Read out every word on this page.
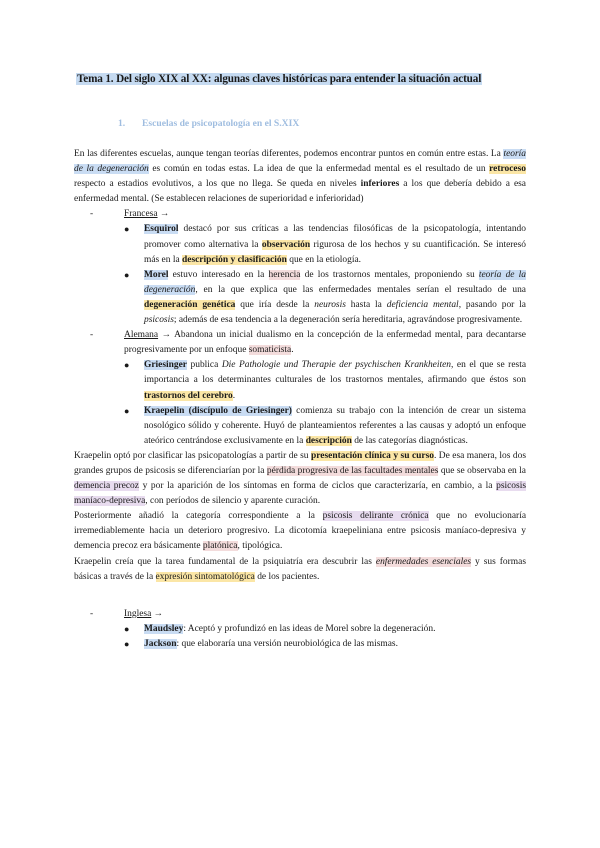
Tema 1. Del siglo XIX al XX: algunas claves históricas para entender la situación actual
1. Escuelas de psicopatología en el S.XIX

En las diferentes escuelas, aunque tengan teorías diferentes, podemos encontrar puntos en común entre estas. La teoría de la degeneración es común en todas estas. La idea de que la enfermedad mental es el resultado de un retroceso respecto a estadios evolutivos, a los que no llega. Se queda en niveles inferiores a los que debería debido a esa enfermedad mental. (Se establecen relaciones de superioridad e inferioridad)

-	Francesa →
●	Esquirol destacó por sus críticas a las tendencias filosóficas de la psicopatología, intentando promover como alternativa la observación rigurosa de los hechos y su cuantificación. Se interesó más en la descripción y clasificación que en la etiología.
●	Morel estuvo interesado en la herencia de los trastornos mentales, proponiendo su teoría de la degeneración, en la que explica que las enfermedades mentales serían el resultado de una degeneración genética que iría desde la neurosis hasta la deficiencia mental, pasando por la psicosis; además de esa tendencia a la degeneración sería hereditaria, agravándose progresivamente.
-	Alemana → Abandona un inicial dualismo en la concepción de la enfermedad mental, para decantarse progresivamente por un enfoque somaticista.
●	Griesinger publica Die Pathologie und Therapie der psychischen Krankheiten, en el que se resta importancia a los determinantes culturales de los trastornos mentales, afirmando que éstos son trastornos del cerebro.
●	Kraepelin (discípulo de Griesinger) comienza su trabajo con la intención de crear un sistema nosológico sólido y coherente. Huyó de planteamientos referentes a las causas y adoptó un enfoque ateórico centrándose exclusivamente en la descripción de las categorías diagnósticas.

Kraepelin optó por clasificar las psicopatologías a partir de su presentación clínica y su curso. De esa manera, los dos grandes grupos de psicosis se diferenciarían por la pérdida progresiva de las facultades mentales que se observaba en la demencia precoz y por la aparición de los síntomas en forma de ciclos que caracterizaría, en cambio, a la psicosis maníaco-depresiva, con períodos de silencio y aparente curación.

Posteriormente añadió la categoría correspondiente a la psicosis delirante crónica que no evolucionaría irremediablemente hacia un deterioro progresivo. La dicotomía kraepeliniana entre psicosis maníaco-depresiva y demencia precoz era básicamente platónica, tipológica.

Kraepelin creía que la tarea fundamental de la psiquiatría era descubrir las enfermedades esenciales y sus formas básicas a través de la expresión sintomatológica de los pacientes.

-	Inglesa →
●	Maudsley: Aceptó y profundizó en las ideas de Morel sobre la degeneración.
●	Jackson: que elaboraría una versión neurobiológica de las mismas.
